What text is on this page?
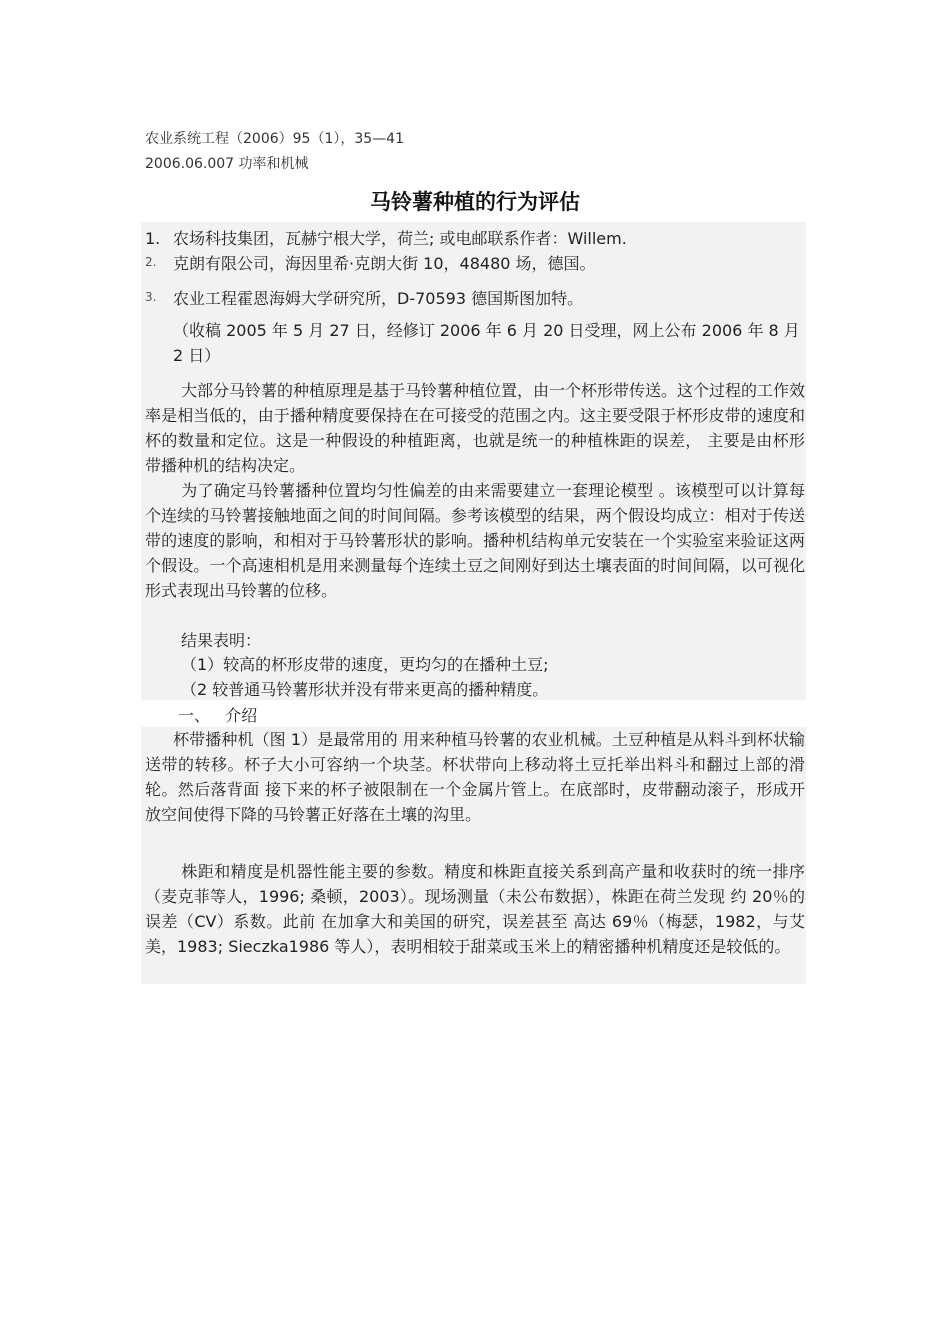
农业系统工程（2006）95（1），35—41
2006.06.007 功率和机械
马铃薯种植的行为评估
1. 农场科技集团，瓦赫宁根大学，荷兰; 或电邮联系作者：Willem.
2. 克朗有限公司，海因里希·克朗大街 10，48480 场，德国。
3. 农业工程霍恩海姆大学研究所，D-70593 德国斯图加特。
（收稿 2005 年 5 月 27 日，经修订 2006 年 6 月 20 日受理，网上公布 2006 年 8 月 2 日）
大部分马铃薯的种植原理是基于马铃薯种植位置，由一个杯形带传送。这个过程的工作效率是相当低的，由于播种精度要保持在在可接受的范围之内。这主要受限于杯形皮带的速度和杯的数量和定位。这是一种假设的种植距离，也就是统一的种植株距的误差， 主要是由杯形带播种机的结构决定。
为了确定马铃薯播种位置均匀性偏差的由来需要建立一套理论模型 。该模型可以计算每个连续的马铃薯接触地面之间的时间间隔。参考该模型的结果，两个假设均成立：相对于传送带的速度的影响，和相对于马铃薯形状的影响。播种机结构单元安装在一个实验室来验证这两个假设。一个高速相机是用来测量每个连续土豆之间刚好到达土壤表面的时间间隔，以可视化形式表现出马铃薯的位移。
结果表明：
（1）较高的杯形皮带的速度，更均匀的在播种土豆;
（2 较普通马铃薯形状并没有带来更高的播种精度。
一、   介绍
杯带播种机（图 1）是最常用的 用来种植马铃薯的农业机械。土豆种植是从料斗到杯状输送带的转移。杯子大小可容纳一个块茎。杯状带向上移动将土豆托举出料斗和翻过上部的滑轮。然后落背面 接下来的杯子被限制在一个金属片管上。在底部时，皮带翻动滚子，形成开放空间使得下降的马铃薯正好落在土壤的沟里。
株距和精度是机器性能主要的参数。精度和株距直接关系到高产量和收获时的统一排序 （麦克菲等人，1996; 桑顿，2003）。现场测量（未公布数据），株距在荷兰发现 约 20％的误差（CV）系数。此前 在加拿大和美国的研究，误差甚至 高达 69％（梅瑟，1982，与艾美，1983; Sieczka1986 等人），表明相较于甜菜或玉米上的精密播种机精度还是较低的。
